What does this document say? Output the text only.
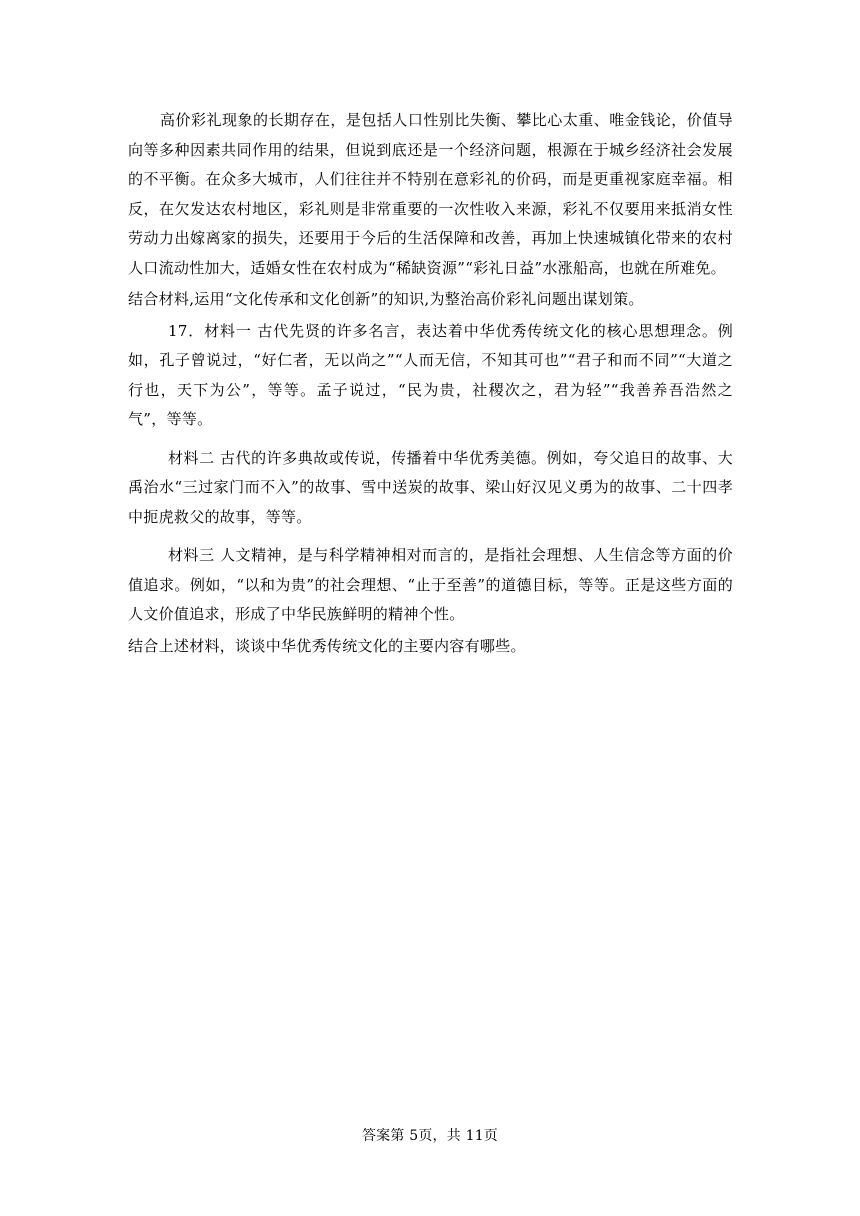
高价彩礼现象的长期存在，是包括人口性别比失衡、攀比心太重、唯金钱论，价值导向等多种因素共同作用的结果，但说到底还是一个经济问题，根源在于城乡经济社会发展的不平衡。在众多大城市，人们往往并不特别在意彩礼的价码，而是更重视家庭幸福。相反，在欠发达农村地区，彩礼则是非常重要的一次性收入来源，彩礼不仅要用来抵消女性劳动力出嫁离家的损失，还要用于今后的生活保障和改善，再加上快速城镇化带来的农村人口流动性加大，适婚女性在农村成为“稀缺资源”“彩礼日益”水涨船高，也就在所难免。

结合材料,运用“文化传承和文化创新”的知识,为整治高价彩礼问题出谋划策。

17．材料一 古代先贤的许多名言，表达着中华优秀传统文化的核心思想理念。例如，孔子曾说过，“好仁者，无以尚之”“人而无信，不知其可也”“君子和而不同”“大道之行也，天下为公”，等等。孟子说过，“民为贵，社稷次之，君为轻”“我善养吾浩然之气”，等等。

材料二 古代的许多典故或传说，传播着中华优秀美德。例如，夸父追日的故事、大禹治水“三过家门而不入”的故事、雪中送炭的故事、梁山好汉见义勇为的故事、二十四孝中扼虎救父的故事，等等。

材料三 人文精神，是与科学精神相对而言的，是指社会理想、人生信念等方面的价值追求。例如，“以和为贵”的社会理想、“止于至善”的道德目标，等等。正是这些方面的人文价值追求，形成了中华民族鲜明的精神个性。

结合上述材料，谈谈中华优秀传统文化的主要内容有哪些。

答案第 5页，共 11页
